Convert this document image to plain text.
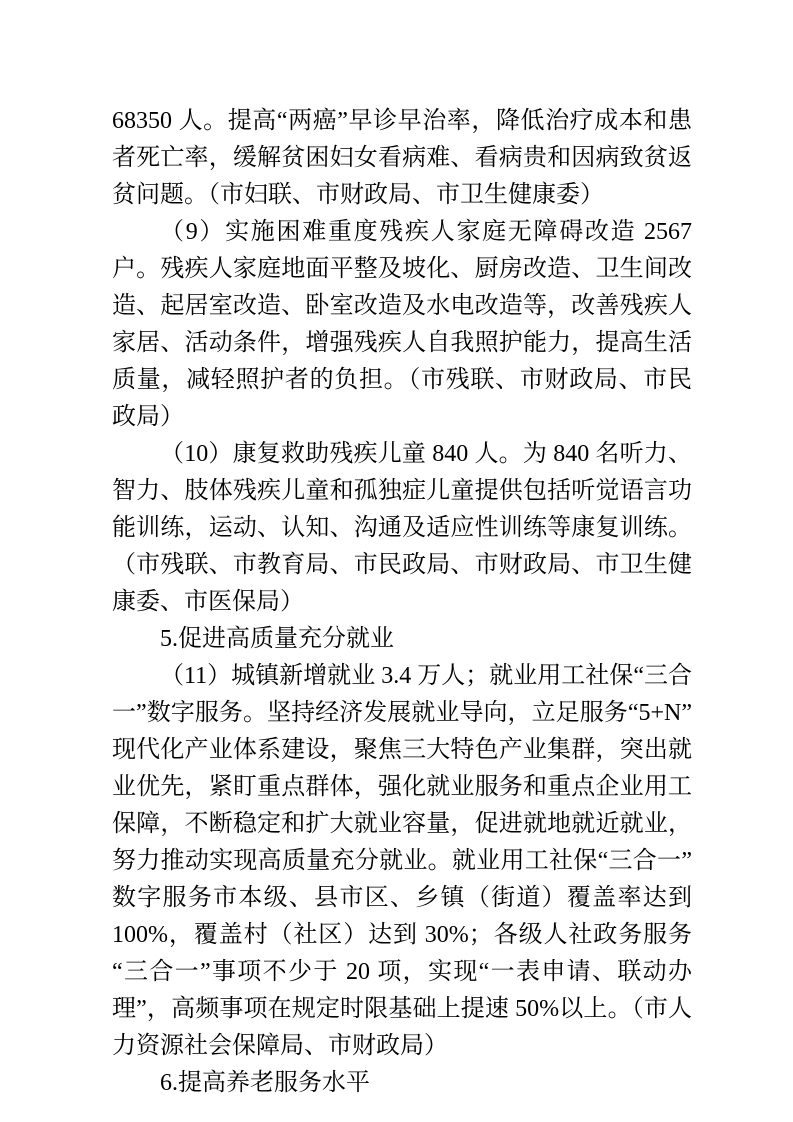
68350 人。提高“两癌”早诊早治率，降低治疗成本和患者死亡率，缓解贫困妇女看病难、看病贵和因病致贫返贫问题。（市妇联、市财政局、市卫生健康委）

（9）实施困难重度残疾人家庭无障碍改造 2567 户。残疾人家庭地面平整及坡化、厨房改造、卫生间改造、起居室改造、卧室改造及水电改造等，改善残疾人家居、活动条件，增强残疾人自我照护能力，提高生活质量，减轻照护者的负担。（市残联、市财政局、市民政局）

（10）康复救助残疾儿童 840 人。为 840 名听力、智力、肢体残疾儿童和孤独症儿童提供包括听觉语言功能训练，运动、认知、沟通及适应性训练等康复训练。（市残联、市教育局、市民政局、市财政局、市卫生健康委、市医保局）

5.促进高质量充分就业

（11）城镇新增就业 3.4 万人；就业用工社保“三合一”数字服务。坚持经济发展就业导向，立足服务“5+N”现代化产业体系建设，聚焦三大特色产业集群，突出就业优先，紧盯重点群体，强化就业服务和重点企业用工保障，不断稳定和扩大就业容量，促进就地就近就业，努力推动实现高质量充分就业。就业用工社保“三合一”数字服务市本级、县市区、乡镇（街道）覆盖率达到 100%，覆盖村（社区）达到 30%；各级人社政务服务“三合一”事项不少于 20 项，实现“一表申请、联动办理”，高频事项在规定时限基础上提速 50%以上。（市人力资源社会保障局、市财政局）

6.提高养老服务水平
